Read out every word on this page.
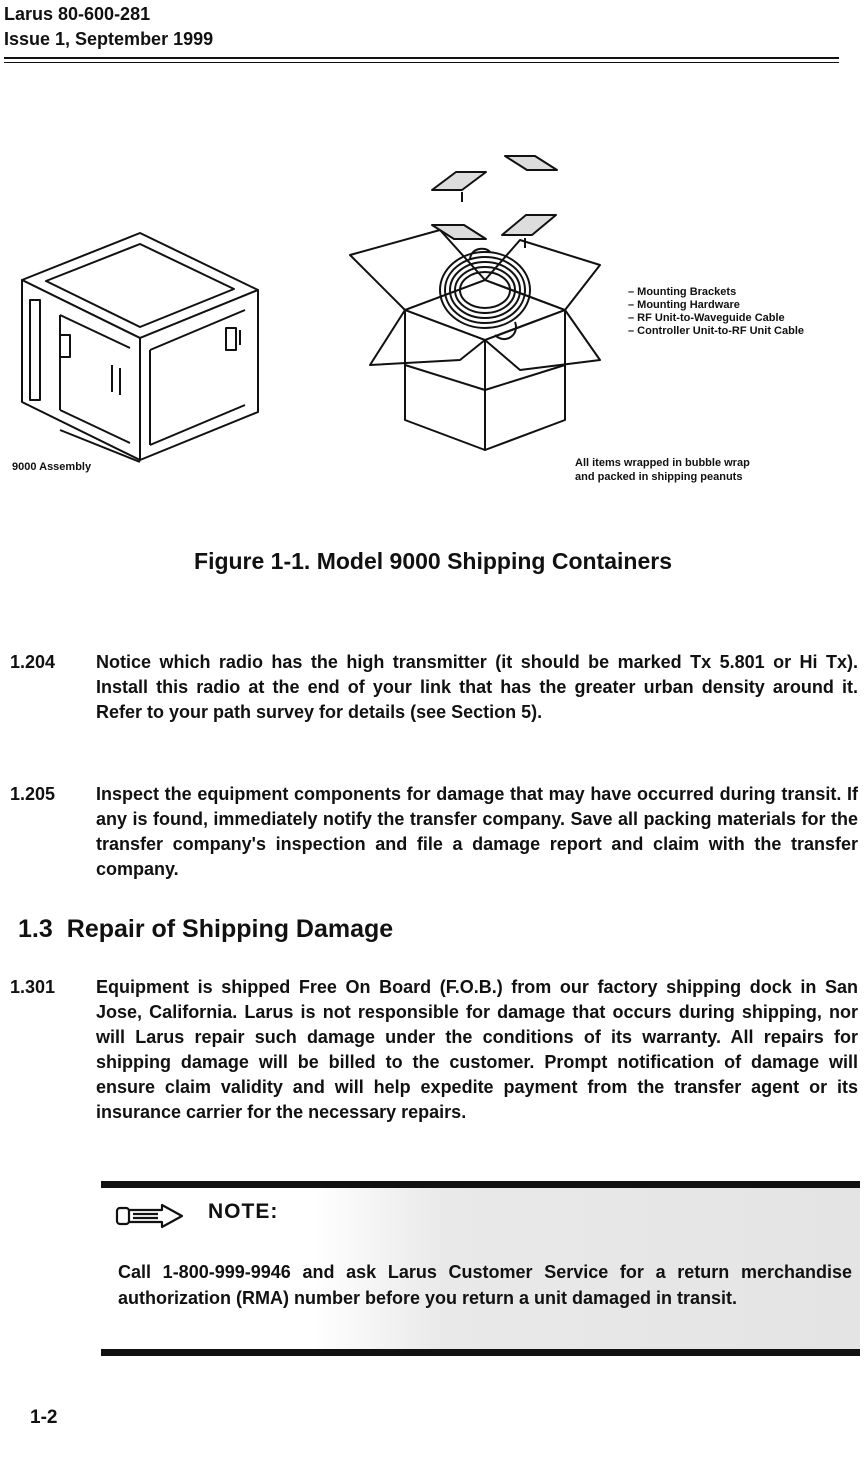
Larus 80-600-281
Issue 1, September 1999
– Mounting Brackets
– Mounting Hardware
– RF Unit-to-Waveguide Cable
– Controller Unit-to-RF Unit Cable
9000 Assembly	All items wrapped in bubble wrap
and packed in shipping peanuts
Figure 1-1. Model 9000 Shipping Containers
1.204 Notice which radio has the high transmitter (it should be marked Tx 5.801 or Hi Tx). Install this radio at the end of your link that has the greater urban density around it. Refer to your path survey for details (see Section 5).
1.205 Inspect the equipment components for damage that may have occurred during transit. If any is found, immediately notify the transfer company. Save all packing materials for the transfer company's inspection and file a damage report and claim with the transfer company.
1.3 Repair of Shipping Damage
1.301 Equipment is shipped Free On Board (F.O.B.) from our factory shipping dock in San Jose, California. Larus is not responsible for damage that occurs during shipping, nor will Larus repair such damage under the conditions of its warranty. All repairs for shipping damage will be billed to the customer. Prompt notification of damage will ensure claim validity and will help expedite payment from the transfer agent or its insurance carrier for the necessary repairs.
NOTE:
Call 1-800-999-9946 and ask Larus Customer Service for a return merchandise authorization (RMA) number before you return a unit damaged in transit.
1-2
